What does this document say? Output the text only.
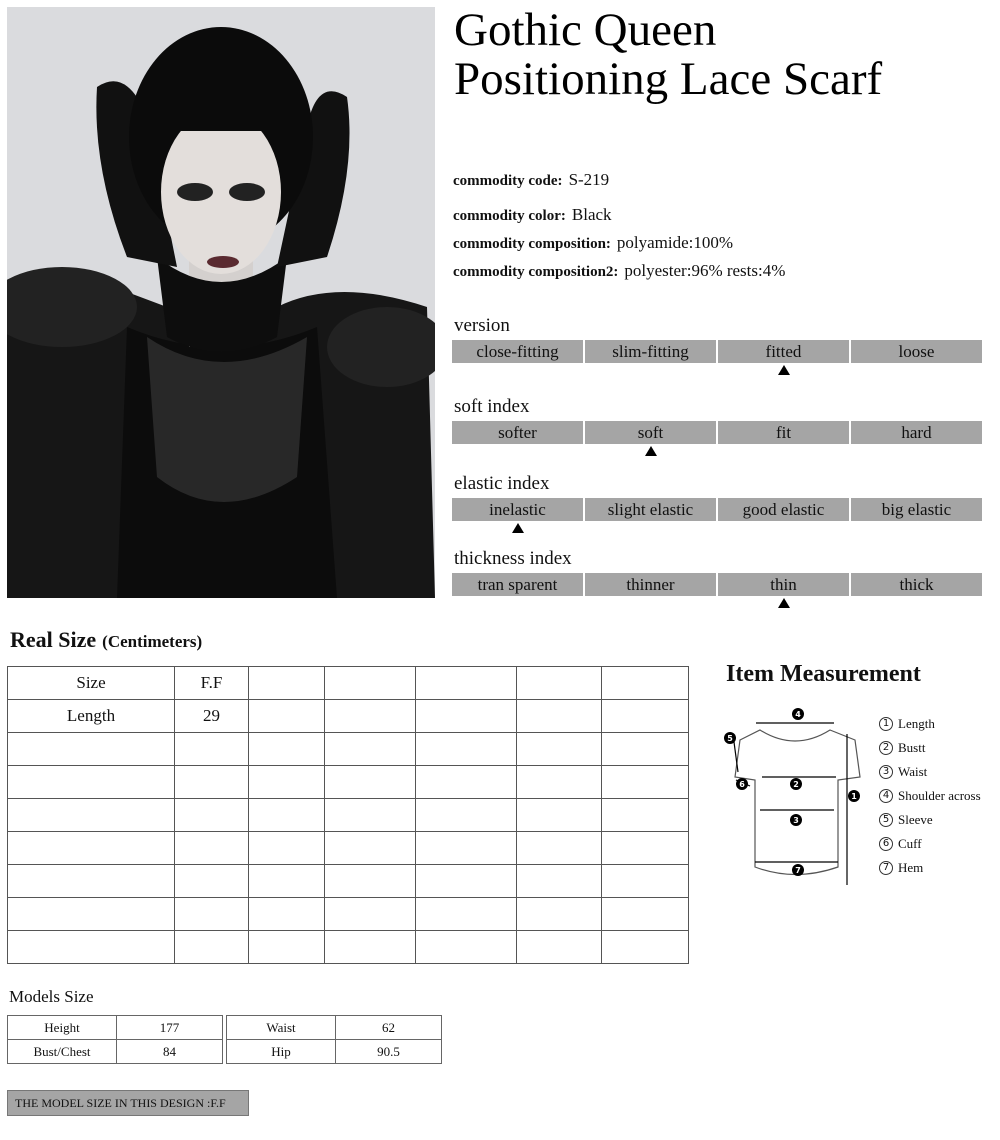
Gothic Queen
Positioning Lace Scarf
commodity code: S-219
commodity color: Black
commodity composition: polyamide:100%
commodity composition2: polyester:96% rests:4%
version
close-fitting	slim-fitting	fitted	loose
soft index
softer	soft	fit	hard
elastic index
inelastic	slight elastic	good elastic	big elastic
thickness index
tran sparent	thinner	thin	thick
Real Size (Centimeters)
Size	F.F					
Length	29					

Item Measurement
4
2
3
7
1
5
6
1 Length
2 Bustt
3 Waist
4 Shoulder across
5 Sleeve
6 Cuff
7 Hem
Models Size
Height	177
Bust/Chest	84
Waist	62
Hip	90.5
THE MODEL SIZE IN THIS DESIGN :F.F
